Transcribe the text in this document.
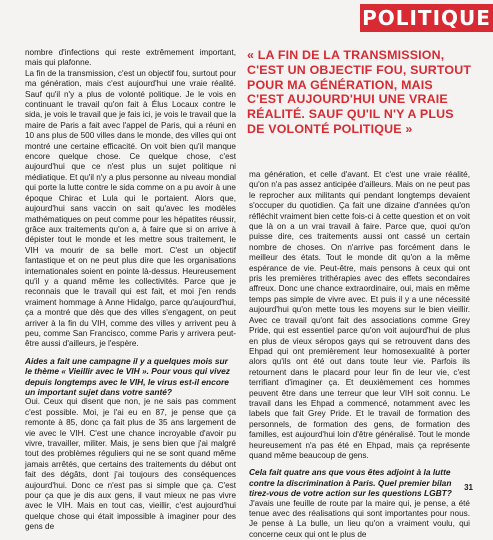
POLITIQUE

nombre d'infections qui reste extrêmement important, mais qui plafonne.

La fin de la transmission, c'est un objectif fou, surtout pour ma génération, mais c'est aujourd'hui une vraie réalité. Sauf qu'il n'y a plus de volonté politique. Je le vois en continuant le travail qu'on fait à Élus Locaux contre le sida, je vois le travail que je fais ici, je vois le travail que la maire de Paris a fait avec l'appel de Paris, qui a réuni en 10 ans plus de 500 villes dans le monde, des villes qui ont montré une certaine efficacité. On voit bien qu'il manque encore quelque chose. Ce quelque chose, c'est aujourd'hui que ce n'est plus un sujet politique ni médiatique. Et qu'il n'y a plus personne au niveau mondial qui porte la lutte contre le sida comme on a pu avoir à une époque Chirac et Lula qui le portaient. Alors que, aujourd'hui sans vaccin on sait qu'avec les modèles mathématiques on peut comme pour les hépatites réussir, grâce aux traitements qu'on a, à faire que si on arrive à dépister tout le monde et les mettre sous traitement, le VIH va mourir de sa belle mort. C'est un objectif fantastique et on ne peut plus dire que les organisations internationales soient en pointe là-dessus. Heureusement qu'il y a quand même les collectivités. Parce que je reconnais que le travail qui est fait, et moi j'en rends vraiment hommage à Anne Hidalgo, parce qu'aujourd'hui, ça a montré que dès que des villes s'engagent, on peut arriver à la fin du VIH, comme des villes y arrivent peu à peu, comme San Francisco, comme Paris y arrivera peut-être aussi d'ailleurs, je l'espère.

Aides a fait une campagne il y a quelques mois sur le thème « Vieillir avec le VIH ». Pour vous qui vivez depuis longtemps avec le VIH, le virus est-il encore un important sujet dans votre santé?

Oui. Ceux qui disent que non, je ne sais pas comment c'est possible. Moi, je l'ai eu en 87, je pense que ça remonte à 85, donc ça fait plus de 35 ans largement de vie avec le VIH. C'est une chance incroyable d'avoir pu vivre, travailler, militer. Mais, je sens bien que j'ai malgré tout des problèmes réguliers qui ne se sont quand même jamais arrêtés, que certains des traitements du début ont fait des dégâts, dont j'ai toujours des conséquences aujourd'hui. Donc ce n'est pas si simple que ça. C'est pour ça que je dis aux gens, il vaut mieux ne pas vivre avec le VIH. Mais en tout cas, vieillir, c'est aujourd'hui quelque chose qui était impossible à imaginer pour des gens de

« LA FIN DE LA TRANSMISSION, C'EST UN OBJECTIF FOU, SURTOUT POUR MA GÉNÉRATION, MAIS C'EST AUJOURD'HUI UNE VRAIE RÉALITÉ. SAUF QU'IL N'Y A PLUS DE VOLONTÉ POLITIQUE »

ma génération, et celle d'avant. Et c'est une vraie réalité, qu'on n'a pas assez anticipée d'ailleurs. Mais on ne peut pas le reprocher aux militants qui pendant longtemps devaient s'occuper du quotidien. Ça fait une dizaine d'années qu'on réfléchit vraiment bien cette fois-ci à cette question et on voit que là on a un vrai travail à faire. Parce que, quoi qu'on puisse dire, ces traitements aussi ont cassé un certain nombre de choses. On n'arrive pas forcément dans le meilleur des états. Tout le monde dit qu'on a la même espérance de vie. Peut-être, mais pensons à ceux qui ont pris les premières trithérapies avec des effets secondaires affreux. Donc une chance extraordinaire, oui, mais en même temps pas simple de vivre avec. Et puis il y a une nécessité aujourd'hui qu'on mette tous les moyens sur le bien vieillir. Avec ce travail qu'ont fait des associations comme Grey Pride, qui est essentiel parce qu'on voit aujourd'hui de plus en plus de vieux séropos gays qui se retrouvent dans des Ehpad qui ont premièrement leur homosexualité à porter alors qu'ils ont été out dans toute leur vie. Parfois ils retournent dans le placard pour leur fin de leur vie, c'est terrifiant d'imaginer ça. Et deuxièmement ces hommes peuvent être dans une terreur que leur VIH soit connu. Le travail dans les Ehpad a commencé, notamment avec les labels que fait Grey Pride. Et le travail de formation des personnels, de formation des gens, de formation des familles, est aujourd'hui loin d'être généralisé. Tout le monde heureusement n'a pas été en Ehpad, mais ça représente quand même beaucoup de gens.

Cela fait quatre ans que vous êtes adjoint à la lutte contre la discrimination à Paris. Quel premier bilan tirez-vous de votre action sur les questions LGBT?

J'avais une feuille de route par la maire qui, je pense, a été tenue avec des réalisations qui sont importantes pour nous. Je pense à La bulle, un lieu qu'on a vraiment voulu, qui concerne ceux qui ont le plus de

31
